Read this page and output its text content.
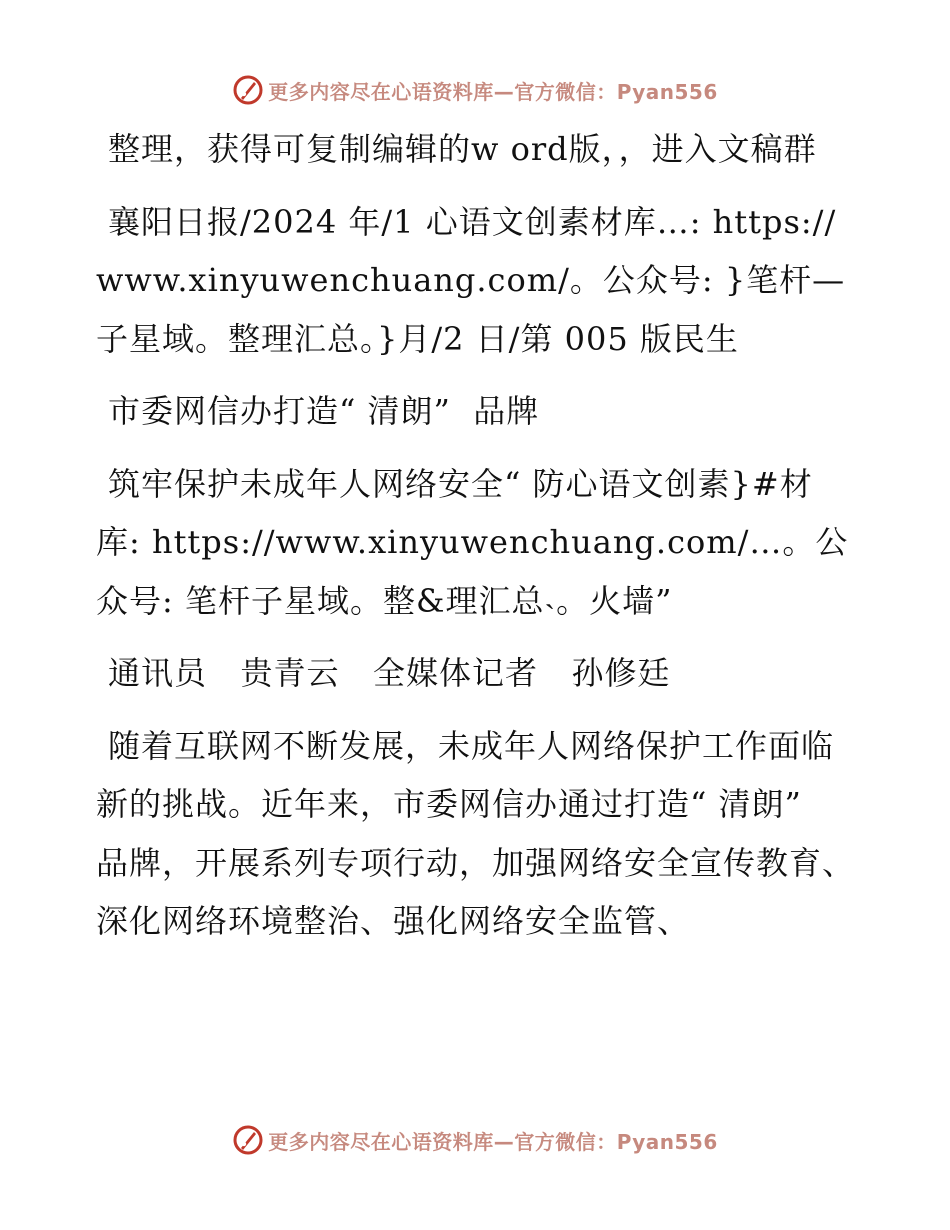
更多内容尽在心语资料库—官方微信：Pyan556

整理，获得可复制编辑的w ord版，，进入文稿群

襄阳日报/2024 年/1 心语文创素材库…: https://www.xinyuwenchuang.com/。公众号: }笔杆—子星域。整理汇总。}月/2 日/第 005 版民生

市委网信办打造“ 清朗”  品牌

筑牢保护未成年人网络安全“ 防心语文创素}#材库: https://www.xinyuwenchuang.com/…。公众号: 笔杆子星域。整&理汇总˴。火墙”

通讯员   贵青云   全媒体记者   孙修廷

随着互联网不断发展，未成年人网络保护工作面临新的挑战。近年来，市委网信办通过打造“ 清朗”  品牌，开展系列专项行动，加强网络安全宣传教育、深化网络环境整治、强化网络安全监管、

更多内容尽在心语资料库—官方微信：Pyan556
